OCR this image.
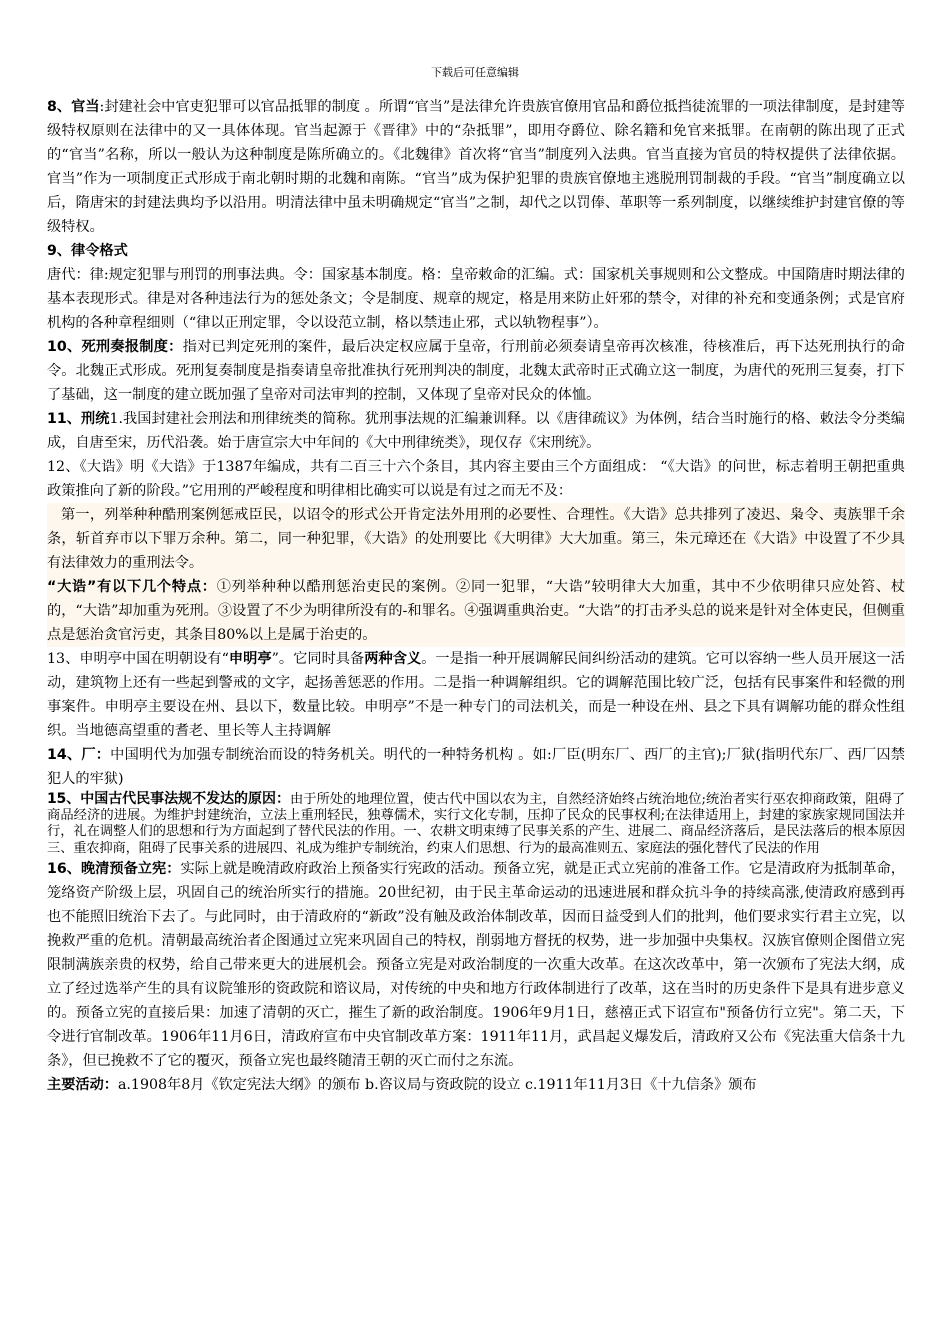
下载后可任意编辑

8、官当:封建社会中官吏犯罪可以官品抵罪的制度 。所谓“官当”是法律允许贵族官僚用官品和爵位抵挡徒流罪的一项法律制度，是封建等级特权原则在法律中的又一具体体现。官当起源于《晋律》中的“杂抵罪”，即用夺爵位、除名籍和免官来抵罪。在南朝的陈出现了正式的“官当”名称，所以一般认为这种制度是陈所确立的。《北魏律》首次将“官当”制度列入法典。官当直接为官员的特权提供了法律依据。官当”作为一项制度正式形成于南北朝时期的北魏和南陈。“官当”成为保护犯罪的贵族官僚地主逃脱刑罚制裁的手段。“官当”制度确立以后，隋唐宋的封建法典均予以沿用。明清法律中虽未明确规定“官当”之制，却代之以罚俸、革职等一系列制度，以继续维护封建官僚的等级特权。

9、律令格式

唐代：律:规定犯罪与刑罚的刑事法典。令：国家基本制度。格：皇帝敕命的汇编。式：国家机关事规则和公文整成。中国隋唐时期法律的基本表现形式。律是对各种违法行为的惩处条文；令是制度、规章的规定，格是用来防止奸邪的禁令，对律的补充和变通条例；式是官府机构的各种章程细则（“律以正刑定罪，令以设范立制，格以禁违止邪，式以轨物程事”）。

10、死刑奏报制度：指对已判定死刑的案件，最后决定权应属于皇帝，行刑前必须奏请皇帝再次核准，待核准后，再下达死刑执行的命令。北魏正式形成。死刑复奏制度是指奏请皇帝批准执行死刑判决的制度，北魏太武帝时正式确立这一制度，为唐代的死刑三复奏，打下了基础，这一制度的建立既加强了皇帝对司法审判的控制，又体现了皇帝对民众的体恤。

11、刑统1.我国封建社会刑法和刑律统类的简称。犹刑事法规的汇编兼训释。以《唐律疏议》为体例，结合当时施行的格、敕法令分类编成，自唐至宋，历代沿袭。始于唐宣宗大中年间的《大中刑律统类》，现仅存《宋刑统》。

12、《大诰》明《大诰》于1387年编成，共有二百三十六个条目，其内容主要由三个方面组成： “《大诰》的问世，标志着明王朝把重典政策推向了新的阶段。”它用刑的严峻程度和明律相比确实可以说是有过之而无不及：

第一，列举种种酷刑案例惩戒臣民，以诏令的形式公开肯定法外用刑的必要性、合理性。《大诰》总共排列了凌迟、枭令、夷族罪千余条，斩首弃市以下罪万余种。第二，同一种犯罪，《大诰》的处刑要比《大明律》大大加重。第三，朱元璋还在《大诰》中设置了不少具有法律效力的重刑法令。

“大诰”有以下几个特点：①列举种种以酷刑惩治吏民的案例。②同一犯罪，“大诰”较明律大大加重，其中不少依明律只应处笞、杖的，“大诰”却加重为死刑。③设置了不少为明律所没有的-和罪名。④强调重典治吏。“大诰”的打击矛头总的说来是针对全体吏民，但侧重点是惩治贪官污吏，其条目80%以上是属于治吏的。

13、申明亭中国在明朝设有“申明亭”。它同时具备两种含义。一是指一种开展调解民间纠纷活动的建筑。它可以容纳一些人员开展这一活动，建筑物上还有一些起到警戒的文字，起扬善惩恶的作用。二是指一种调解组织。它的调解范围比较广泛，包括有民事案件和轻微的刑事案件。申明亭主要设在州、县以下，数量比较。申明亭”不是一种专门的司法机关，而是一种设在州、县之下具有调解功能的群众性组织。当地德高望重的耆老、里长等人主持调解

14、厂：中国明代为加强专制统治而设的特务机关。明代的一种特务机构 。如:厂臣(明东厂、西厂的主官);厂狱(指明代东厂、西厂囚禁犯人的牢狱)

15、中国古代民事法规不发达的原因：由于所处的地理位置，使古代中国以农为主，自然经济始终占统治地位;统治者实行巫农抑商政策，阻碍了商品经济的进展。为维护封建统治，立法上重刑轻民，独尊儒术，实行文化专制，压抑了民众的民事权利;在法律适用上，封建的家族家规同国法并行，礼在调整人们的思想和行为方面起到了替代民法的作用。一、农耕文明束缚了民事关系的产生、进展二、商品经济落后，是民法落后的根本原因三、重农抑商，阻碍了民事关系的进展四、礼成为维护专制统治，约束人们思想、行为的最高准则五、家庭法的强化替代了民法的作用

16、晚清预备立宪：实际上就是晚清政府政治上预备实行宪政的活动。预备立宪，就是正式立宪前的准备工作。它是清政府为抵制革命，笼络资产阶级上层，巩固自己的统治所实行的措施。20世纪初，由于民主革命运动的迅速进展和群众抗斗争的持续高涨,使清政府感到再也不能照旧统治下去了。与此同时，由于清政府的“新政”没有触及政治体制改革，因而日益受到人们的批判，他们要求实行君主立宪，以挽救严重的危机。清朝最高统治者企图通过立宪来巩固自己的特权，削弱地方督抚的权势，进一步加强中央集权。汉族官僚则企图借立宪限制满族亲贵的权势，给自己带来更大的进展机会。预备立宪是对政治制度的一次重大改革。在这次改革中，第一次颁布了宪法大纲，成立了经过选举产生的具有议院雏形的资政院和谘议局，对传统的中央和地方行政体制进行了改革，这在当时的历史条件下是具有进步意义的。预备立宪的直接后果：加速了清朝的灭亡，摧生了新的政治制度。1906年9月1日，慈禧正式下诏宣布"预备仿行立宪"。第二天，下令进行官制改革。1906年11月6日，清政府宣布中央官制改革方案：1911年11月，武昌起义爆发后，清政府又公布《宪法重大信条十九条》，但已挽救不了它的覆灭，预备立宪也最终随清王朝的灭亡而付之东流。

主要活动：a.1908年8月《钦定宪法大纲》的颁布 b.咨议局与资政院的设立 c.1911年11月3日《十九信条》颁布
